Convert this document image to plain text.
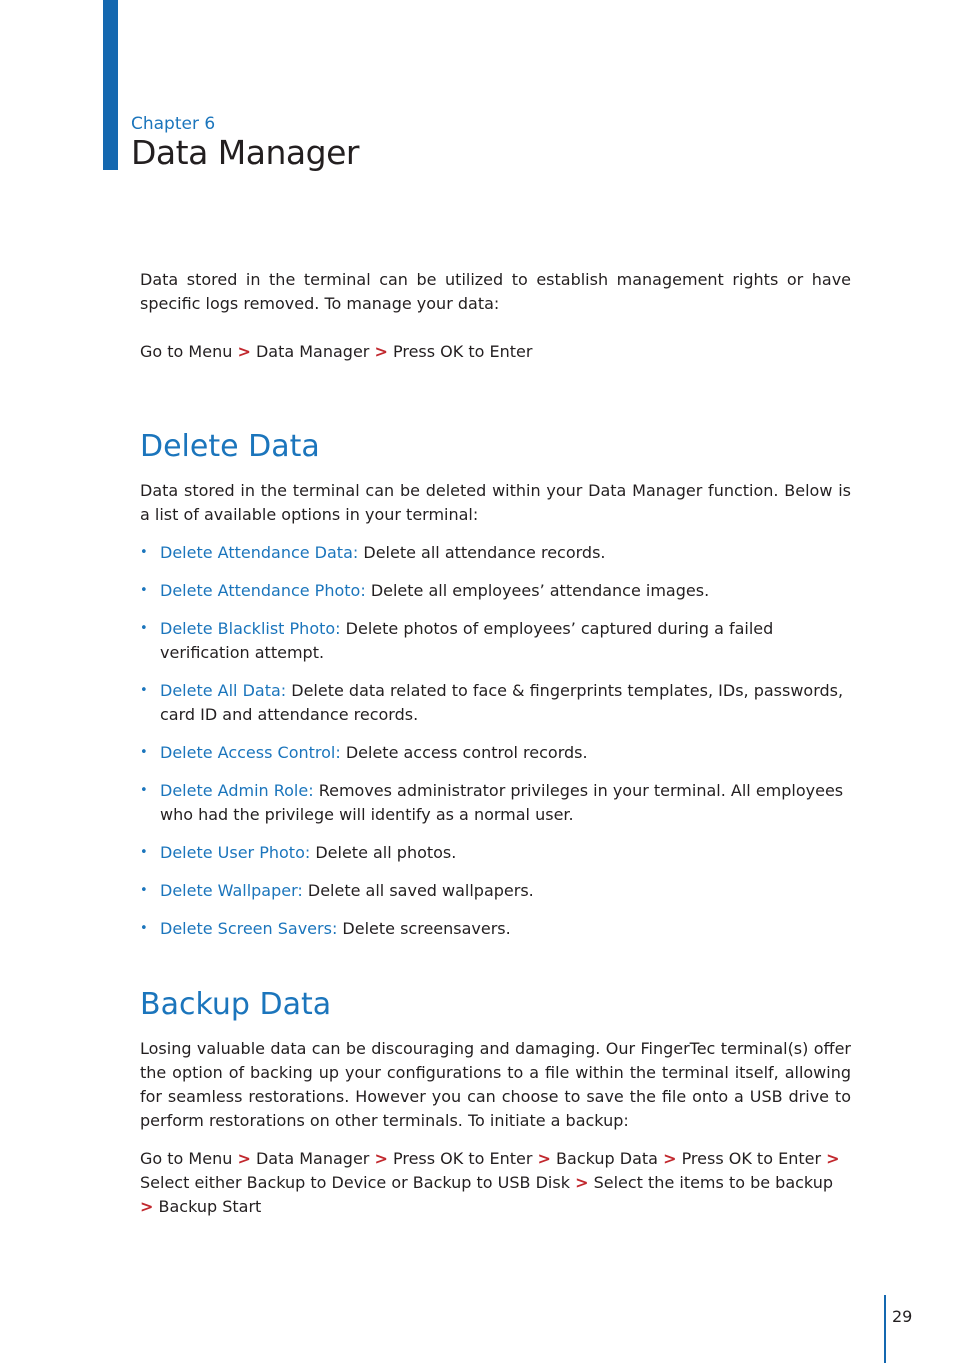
Chapter 6
Data Manager

Data stored in the terminal can be utilized to establish management rights or have specific logs removed. To manage your data:

Go to Menu > Data Manager > Press OK to Enter

Delete Data

Data stored in the terminal can be deleted within your Data Manager function. Below is a list of available options in your terminal:

• Delete Attendance Data: Delete all attendance records.
• Delete Attendance Photo: Delete all employees’ attendance images.
• Delete Blacklist Photo: Delete photos of employees’ captured during a failed verification attempt.
• Delete All Data: Delete data related to face & fingerprints templates, IDs, passwords, card ID and attendance records.
• Delete Access Control: Delete access control records.
• Delete Admin Role: Removes administrator privileges in your terminal. All employees who had the privilege will identify as a normal user.
• Delete User Photo: Delete all photos.
• Delete Wallpaper: Delete all saved wallpapers.
• Delete Screen Savers: Delete screensavers.
Backup Data

Losing valuable data can be discouraging and damaging. Our FingerTec terminal(s) offer the option of backing up your configurations to a file within the terminal itself, allowing for seamless restorations. However you can choose to save the file onto a USB drive to perform restorations on other terminals. To initiate a backup:

Go to Menu > Data Manager > Press OK to Enter > Backup Data > Press OK to Enter > Select either Backup to Device or Backup to USB Disk > Select the items to be backup > Backup Start

29
